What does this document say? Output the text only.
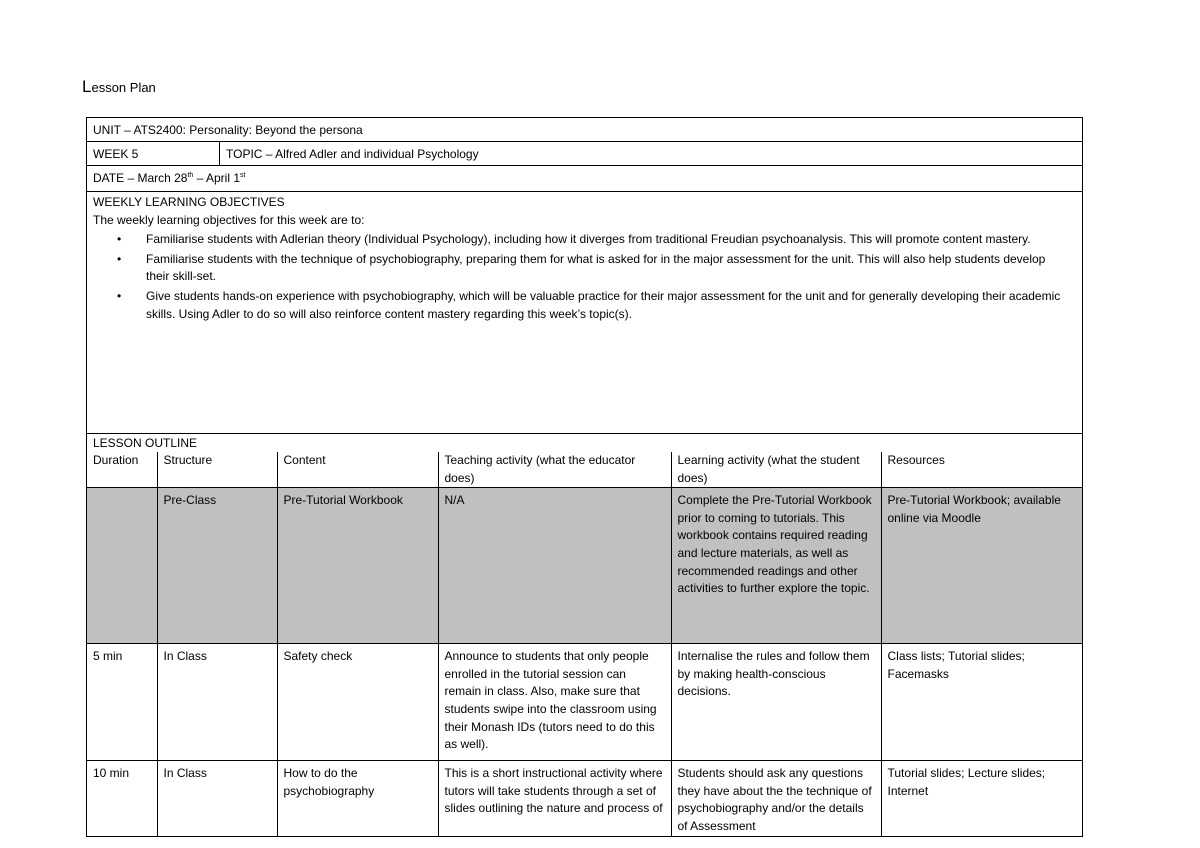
Lesson Plan
UNIT – ATS2400: Personality: Beyond the persona
WEEK 5	TOPIC – Alfred Adler and individual Psychology
DATE – March 28th – April 1st
WEEKLY LEARNING OBJECTIVES
The weekly learning objectives for this week are to:
• Familiarise students with Adlerian theory (Individual Psychology), including how it diverges from traditional Freudian psychoanalysis. This will promote content mastery.
• Familiarise students with the technique of psychobiography, preparing them for what is asked for in the major assessment for the unit. This will also help students develop their skill-set.
• Give students hands-on experience with psychobiography, which will be valuable practice for their major assessment for the unit and for generally developing their academic skills. Using Adler to do so will also reinforce content mastery regarding this week’s topic(s).
LESSON OUTLINE
Duration	Structure	Content	Teaching activity (what the educator does)	Learning activity (what the student does)	Resources
	Pre-Class	Pre-Tutorial Workbook	N/A	Complete the Pre-Tutorial Workbook prior to coming to tutorials. This workbook contains required reading and lecture materials, as well as recommended readings and other activities to further explore the topic.	Pre-Tutorial Workbook; available online via Moodle
5 min	In Class	Safety check	Announce to students that only people enrolled in the tutorial session can remain in class. Also, make sure that students swipe into the classroom using their Monash IDs (tutors need to do this as well).	Internalise the rules and follow them by making health-conscious decisions.	Class lists; Tutorial slides; Facemasks
10 min	In Class	How to do the psychobiography	This is a short instructional activity where tutors will take students through a set of slides outlining the nature and process of	Students should ask any questions they have about the the technique of psychobiography and/or the details of Assessment	Tutorial slides; Lecture slides; Internet
